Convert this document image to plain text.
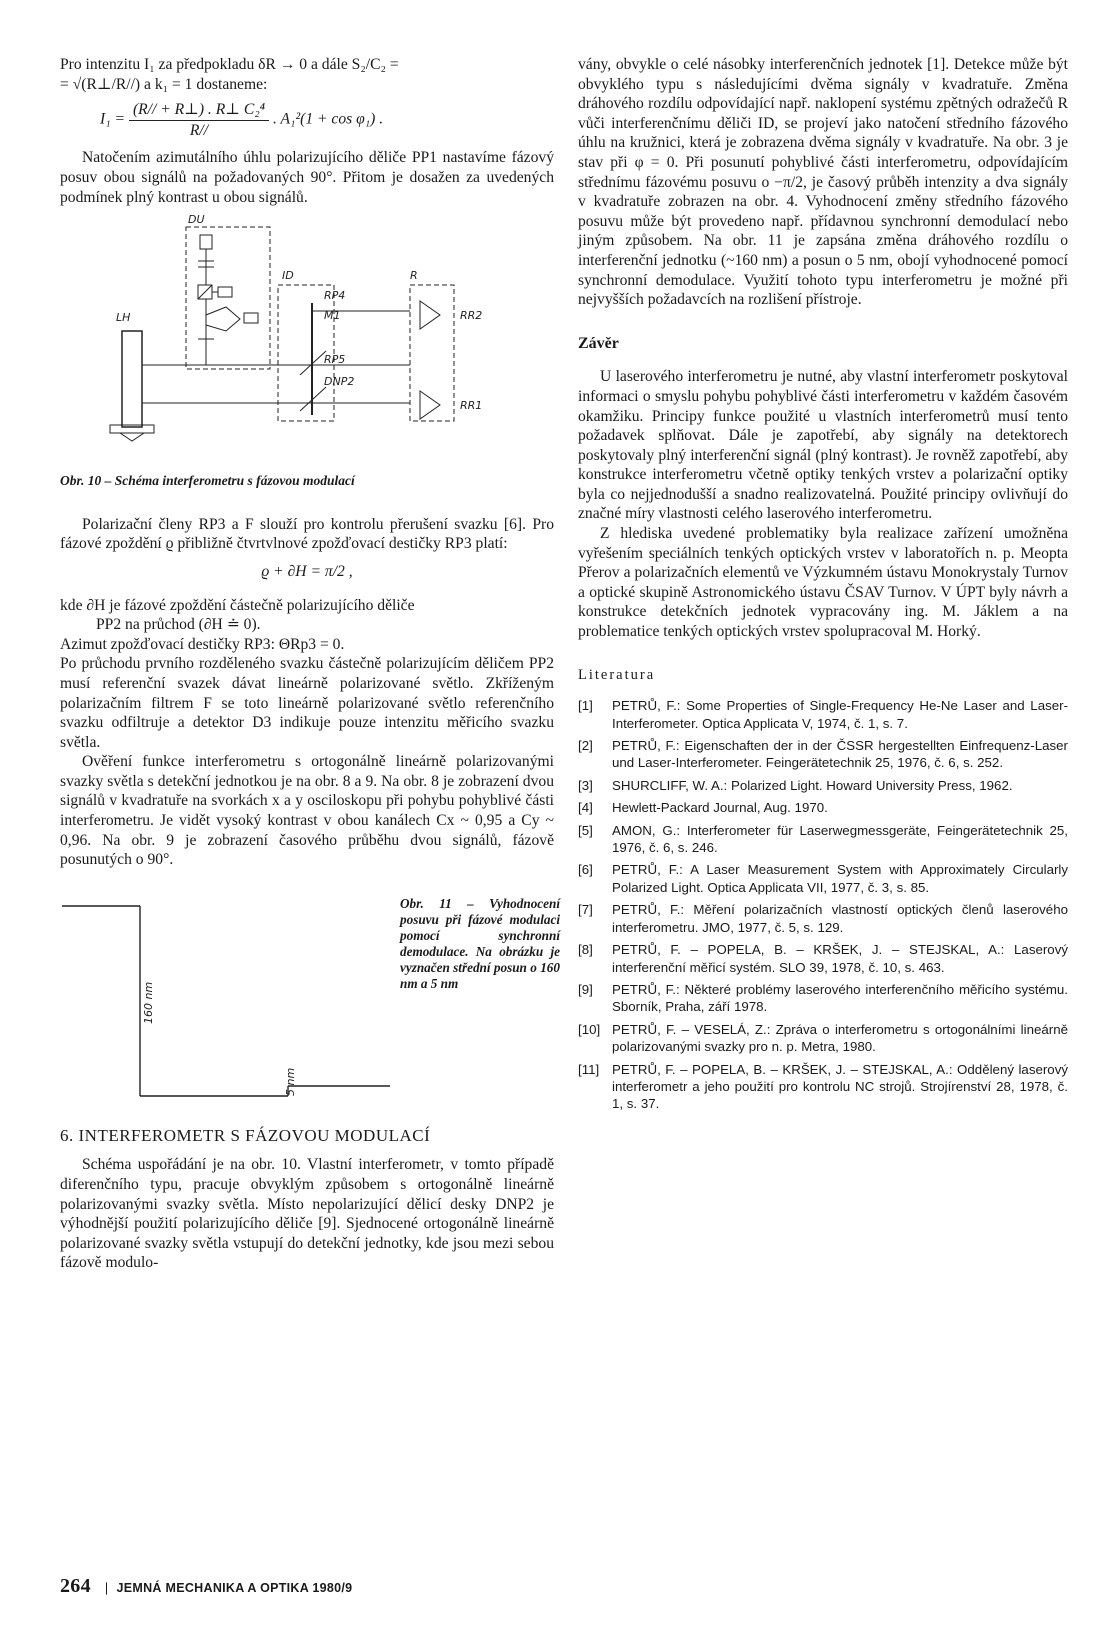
Pro intenzitu I₁ za předpokladu δR → 0 a dále S₂/C₂ =

= √(R⊥/R//) a k₁ = 1 dostaneme:

$I_1 = \frac{\text{(R// + R⊥) . R⊥ C₂⁴}}{R//}$ . A₁²(1 + cos φ₁) .

Natočením azimutálního úhlu polarizujícího děliče PP1 nastavíme fázový posuv obou signálů na požadovaných 90°. Přitom je dosažen za uvedených podmínek plný kontrast u obou signálů.

DU
ID	R
LH
RP4
M1
RP5
DNP2
RR2
RR1

Obr. 10 – Schéma interferometru s fázovou modulací

Polarizační členy RP3 a F slouží pro kontrolu přerušení svazku [6]. Pro fázové zpoždění ϱ přibližně čtvrtvlnové zpožďovací destičky RP3 platí:

ϱ + ∂H = π/2 ,

kde ∂H je fázové zpoždění částečně polarizujícího děliče

PP2 na průchod (∂H ≐ 0).

Azimut zpožďovací destičky RP3: ΘRp3 = 0.

Po průchodu prvního rozděleného svazku částečně polarizujícím děličem PP2 musí referenční svazek dávat lineárně polarizované světlo. Zkříženým polarizačním filtrem F se toto lineárně polarizované světlo referenčního svazku odfiltruje a detektor D3 indikuje pouze intenzitu měřicího svazku světla.

Ověření funkce interferometru s ortogonálně lineárně polarizovanými svazky světla s detekční jednotkou je na obr. 8 a 9. Na obr. 8 je zobrazení dvou signálů v kvadratuře na svorkách x a y osciloskopu při pohybu pohyblivé části interferometru. Je vidět vysoký kontrast v obou kanálech Cx ~ 0,95 a Cy ~ 0,96. Na obr. 9 je zobrazení časového průběhu dvou signálů, fázově posunutých o 90°.

160 nm
5 nm

Obr. 11 – Vyhodnocení posuvu při fázové modulaci pomocí synchronní demodulace. Na obrázku je vyznačen střední posun o 160 nm a 5 nm

6. INTERFEROMETR S FÁZOVOU MODULACÍ

Schéma uspořádání je na obr. 10. Vlastní interferometr, v tomto případě diferenčního typu, pracuje obvyklým způsobem s ortogonálně lineárně polarizovanými svazky světla. Místo nepolarizující dělicí desky DNP2 je výhodnější použití polarizujícího děliče [9]. Sjednocené ortogonálně lineárně polarizované svazky světla vstupují do detekční jednotky, kde jsou mezi sebou fázově modulo-

vány, obvykle o celé násobky interferenčních jednotek [1]. Detekce může být obvyklého typu s následujícími dvěma signály v kvadratuře. Změna dráhového rozdílu odpovídající např. naklopení systému zpětných odražečů R vůči interferenčnímu děliči ID, se projeví jako natočení středního fázového úhlu na kružnici, která je zobrazena dvěma signály v kvadratuře. Na obr. 3 je stav při φ = 0. Při posunutí pohyblivé části interferometru, odpovídajícím střednímu fázovému posuvu o −π/2, je časový průběh intenzity a dva signály v kvadratuře zobrazen na obr. 4. Vyhodnocení změny středního fázového posuvu může být provedeno např. přídavnou synchronní demodulací nebo jiným způsobem. Na obr. 11 je zapsána změna dráhového rozdílu o interferenční jednotku (~160 nm) a posun o 5 nm, obojí vyhodnocené pomocí synchronní demodulace. Využití tohoto typu interferometru je možné při nejvyšších požadavcích na rozlišení přístroje.

Závěr

U laserového interferometru je nutné, aby vlastní interferometr poskytoval informaci o smyslu pohybu pohyblivé části interferometru v každém časovém okamžiku. Principy funkce použité u vlastních interferometrů musí tento požadavek splňovat. Dále je zapotřebí, aby signály na detektorech poskytovaly plný interferenční signál (plný kontrast). Je rovněž zapotřebí, aby konstrukce interferometru včetně optiky tenkých vrstev a polarizační optiky byla co nejjednodušší a snadno realizovatelná. Použité principy ovlivňují do značné míry vlastnosti celého laserového interferometru.

Z hlediska uvedené problematiky byla realizace zařízení umožněna vyřešením speciálních tenkých optických vrstev v laboratořích n. p. Meopta Přerov a polarizačních elementů ve Výzkumném ústavu Monokrystaly Turnov a optické skupině Astronomického ústavu ČSAV Turnov. V ÚPT byly návrh a konstrukce detekčních jednotek vypracovány ing. M. Jáklem a na problematice tenkých optických vrstev spolupracoval M. Horký.

Literatura

[1]	PETRŮ, F.: Some Properties of Single-Frequency He-Ne Laser and Laser-Interferometer. Optica Applicata V, 1974, č. 1, s. 7.
[2]	PETRŮ, F.: Eigenschaften der in der ČSSR hergestellten Einfrequenz-Laser und Laser-Interferometer. Feingerätetechnik 25, 1976, č. 6, s. 252.
[3]	SHURCLIFF, W. A.: Polarized Light. Howard University Press, 1962.
[4]	Hewlett-Packard Journal, Aug. 1970.
[5]	AMON, G.: Interferometer für Laserwegmessgeräte, Feingerätetechnik 25, 1976, č. 6, s. 246.
[6]	PETRŮ, F.: A Laser Measurement System with Approximately Circularly Polarized Light. Optica Applicata VII, 1977, č. 3, s. 85.
[7]	PETRŮ, F.: Měření polarizačních vlastností optických členů laserového interferometru. JMO, 1977, č. 5, s. 129.
[8]	PETRŮ, F. – POPELA, B. – KRŠEK, J. – STEJSKAL, A.: Laserový interferenční měřicí systém. SLO 39, 1978, č. 10, s. 463.
[9]	PETRŮ, F.: Některé problémy laserového interferenčního měřicího systému. Sborník, Praha, září 1978.
[10] PETRŮ, F. – VESELÁ, Z.: Zpráva o interferometru s ortogonálními lineárně polarizovanými svazky pro n. p. Metra, 1980.
[11] PETRŮ, F. – POPELA, B. – KRŠEK, J. – STEJSKAL, A.: Oddělený laserový interferometr a jeho použití pro kontrolu NC strojů. Strojírenství 28, 1978, č. 1, s. 37.
264 | JEMNÁ MECHANIKA A OPTIKA 1980/9
